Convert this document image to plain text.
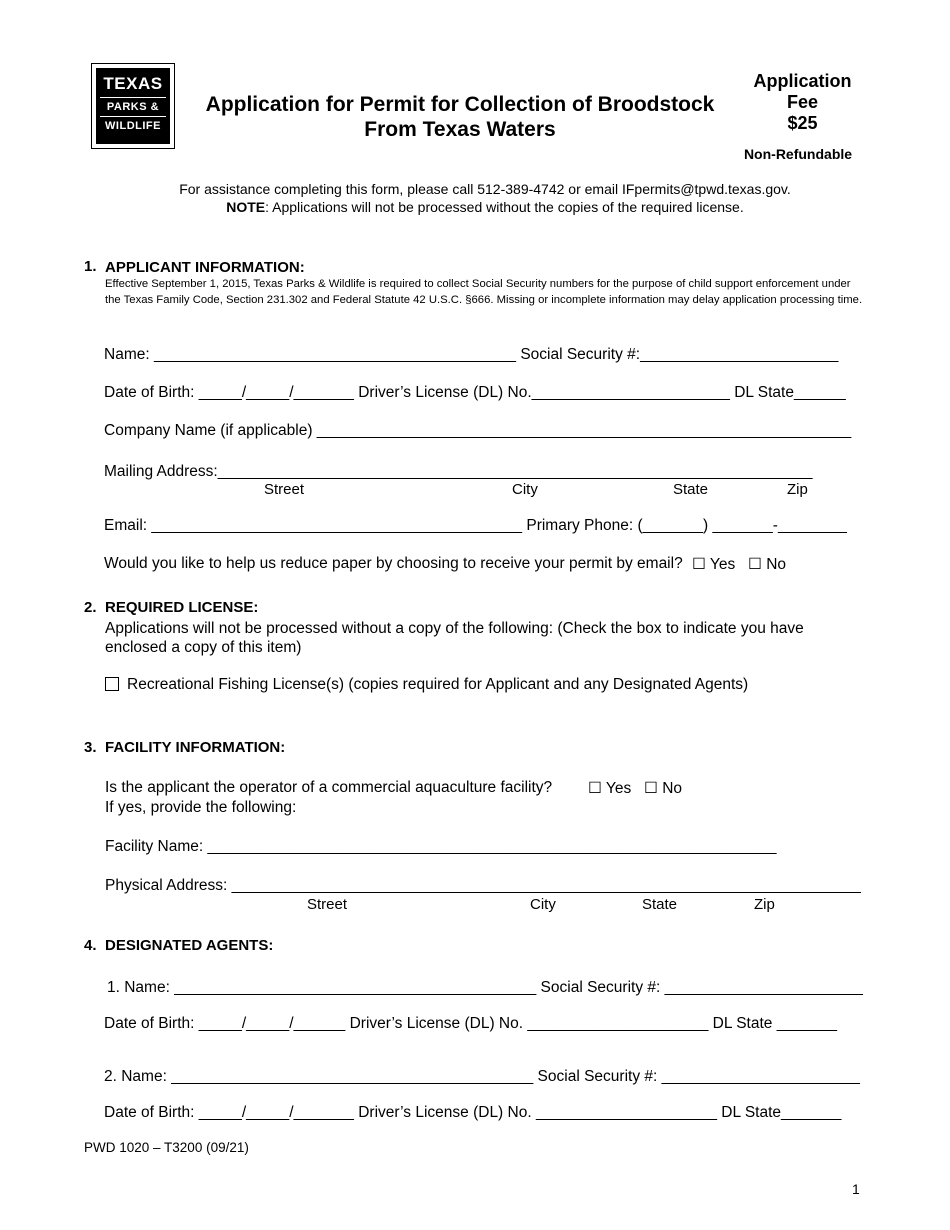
TEXAS
PARKS &
WILDLIFE
Application for Permit for Collection of Broodstock
From Texas Waters
Application
Fee
$25
Non-Refundable
For assistance completing this form, please call 512-389-4742 or email IFpermits@tpwd.texas.gov.
NOTE: Applications will not be processed without the copies of the required license.
1. APPLICANT INFORMATION:
Effective September 1, 2015, Texas Parks & Wildlife is required to collect Social Security numbers for the purpose of child support enforcement under the Texas Family Code, Section 231.302 and Federal Statute 42 U.S.C. §666. Missing or incomplete information may delay application processing time.
Name: __________________________________________ Social Security #:_______________________
Date of Birth: _____/_____/_______ Driver’s License (DL) No._______________________ DL State______
Company Name (if applicable) ______________________________________________________________
Mailing Address:_____________________________________________________________________
Street	City	State	Zip
Email: ___________________________________________ Primary Phone: (_______) _______-________
Would you like to help us reduce paper by choosing to receive your permit by email? ☐ Yes ☐ No
2. REQUIRED LICENSE:
Applications will not be processed without a copy of the following: (Check the box to indicate you have enclosed a copy of this item)
Recreational Fishing License(s) (copies required for Applicant and any Designated Agents)
3. FACILITY INFORMATION:
Is the applicant the operator of a commercial aquaculture facility? ☐ Yes ☐ No
If yes, provide the following:
Facility Name: __________________________________________________________________
Physical Address: _________________________________________________________________________
Street	City	State	Zip
4. DESIGNATED AGENTS:
1. Name: __________________________________________ Social Security #: _______________________
Date of Birth: _____/_____/______ Driver’s License (DL) No. _____________________ DL State _______
2. Name: __________________________________________ Social Security #: _______________________
Date of Birth: _____/_____/_______ Driver’s License (DL) No. _____________________ DL State_______
PWD 1020 – T3200 (09/21)
1
